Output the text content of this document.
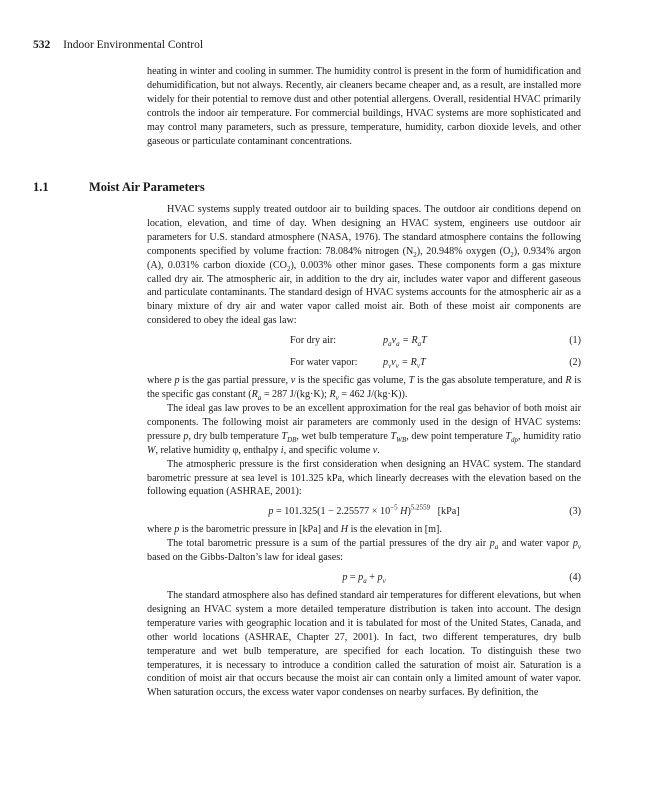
532 Indoor Environmental Control

heating in winter and cooling in summer. The humidity control is present in the form of humidification and dehumidification, but not always. Recently, air cleaners became cheaper and, as a result, are installed more widely for their potential to remove dust and other potential allergens. Overall, residential HVAC primarily controls the indoor air temperature. For commercial buildings, HVAC systems are more sophisticated and may control many parameters, such as pressure, temperature, humidity, carbon dioxide levels, and other gaseous or particulate contaminant concentrations.

1.1	Moist Air Parameters

HVAC systems supply treated outdoor air to building spaces. The outdoor air conditions depend on location, elevation, and time of day. When designing an HVAC system, engineers use outdoor air parameters for U.S. standard atmosphere (NASA, 1976). The standard atmosphere contains the following components specified by volume fraction: 78.084% nitrogen $(N_2)$, 20.948% oxygen $(O_2)$, 0.934% argon (A), 0.031% carbon dioxide $(CO_2)$, 0.003% other minor gases. These components form a gas mixture called dry air. The atmospheric air, in addition to the dry air, includes water vapor and different gaseous and particulate contaminants. The standard design of HVAC systems accounts for the atmospheric air as a binary mixture of dry air and water vapor called moist air. Both of these moist air components are considered to obey the ideal gas law:

For dry air:	$p_av_a = R_aT$	(1)
For water vapor:	$p_vv_v = R_vT$	(2)

where p is the gas partial pressure, v is the specific gas volume, T is the gas absolute temperature, and R is the specific gas constant ($R_a = 287$ J/(kg·K); $R_v = 462$ J/(kg·K)).

The ideal gas law proves to be an excellent approximation for the real gas behavior of both moist air components. The following moist air parameters are commonly used in the design of HVAC systems: pressure p, dry bulb temperature $T_{DB}$, wet bulb temperature $T_{WB}$, dew point temperature $T_{dp}$, humidity ratio W, relative humidity φ, enthalpy i, and specific volume v.

The atmospheric pressure is the first consideration when designing an HVAC system. The standard barometric pressure at sea level is 101.325 kPa, which linearly decreases with the elevation based on the following equation (ASHRAE, 2001):

$p = 101.325(1 - 2.25577 \times 10^{-5}$ H)$^{5.2559}$   [kPa]	(3)

where p is the barometric pressure in [kPa] and H is the elevation in [m].

The total barometric pressure is a sum of the partial pressures of the dry air $p_a$ and water vapor $p_v$ based on the Gibbs-Dalton’s law for ideal gases:

$p = p_a + p_v$	(4)

The standard atmosphere also has defined standard air temperatures for different elevations, but when designing an HVAC system a more detailed temperature distribution is taken into account. The design temperature varies with geographic location and it is tabulated for most of the United States, Canada, and other world locations (ASHRAE, Chapter 27, 2001). In fact, two different temperatures, dry bulb temperature and wet bulb temperature, are specified for each location. To distinguish these two temperatures, it is necessary to introduce a condition called the saturation of moist air. Saturation is a condition of moist air that occurs because the moist air can contain only a limited amount of water vapor. When saturation occurs, the excess water vapor condenses on nearby surfaces. By definition, the
